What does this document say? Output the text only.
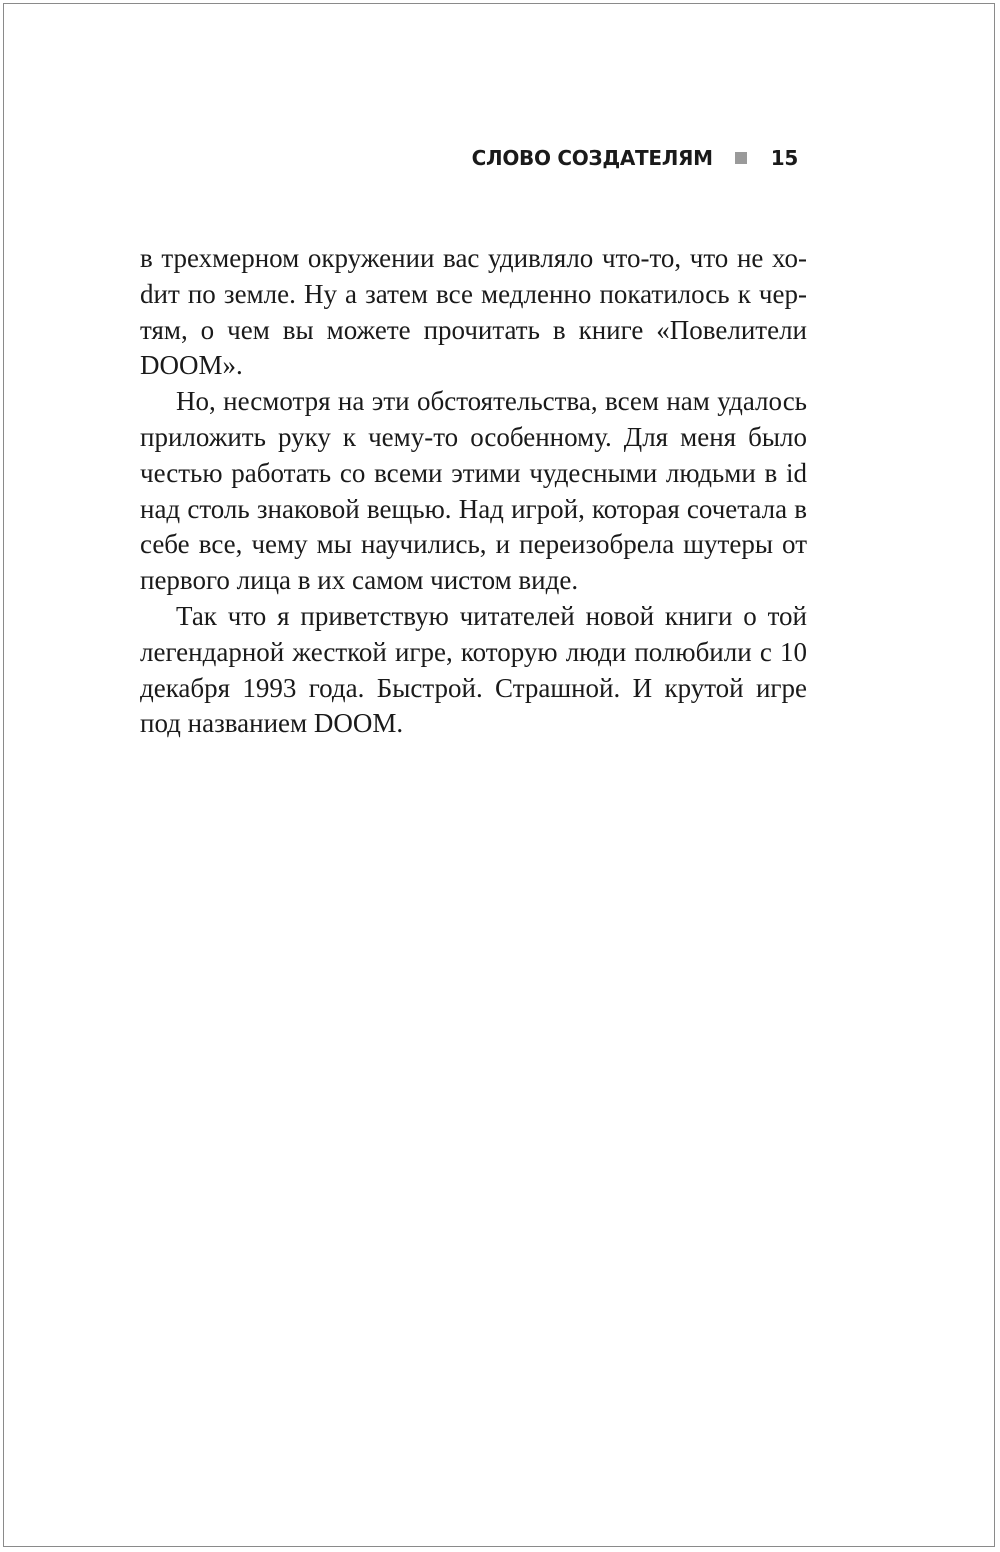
СЛОВО СОЗДАТЕЛЯМ	15

в трехмерном окружении вас удивляло что-то, что не хоdит по земле. Ну а затем все медленно покатилось к чертям, о чем вы можете прочитать в книге «Повелители DOOM».

Но, несмотря на эти обстоятельства, всем нам удалось приложить руку к чему-то особенному. Для меня было честью работать со всеми этими чудесными людьми в id над столь знаковой вещью. Над игрой, которая сочетала в себе все, чему мы научились, и переизобрела шутеры от первого лица в их самом чистом виде.

Так что я приветствую читателей новой книги о той легендарной жесткой игре, которую люди полюбили с 10 декабря 1993 года. Быстрой. Страшной. И крутой игре под названием DOOM.
